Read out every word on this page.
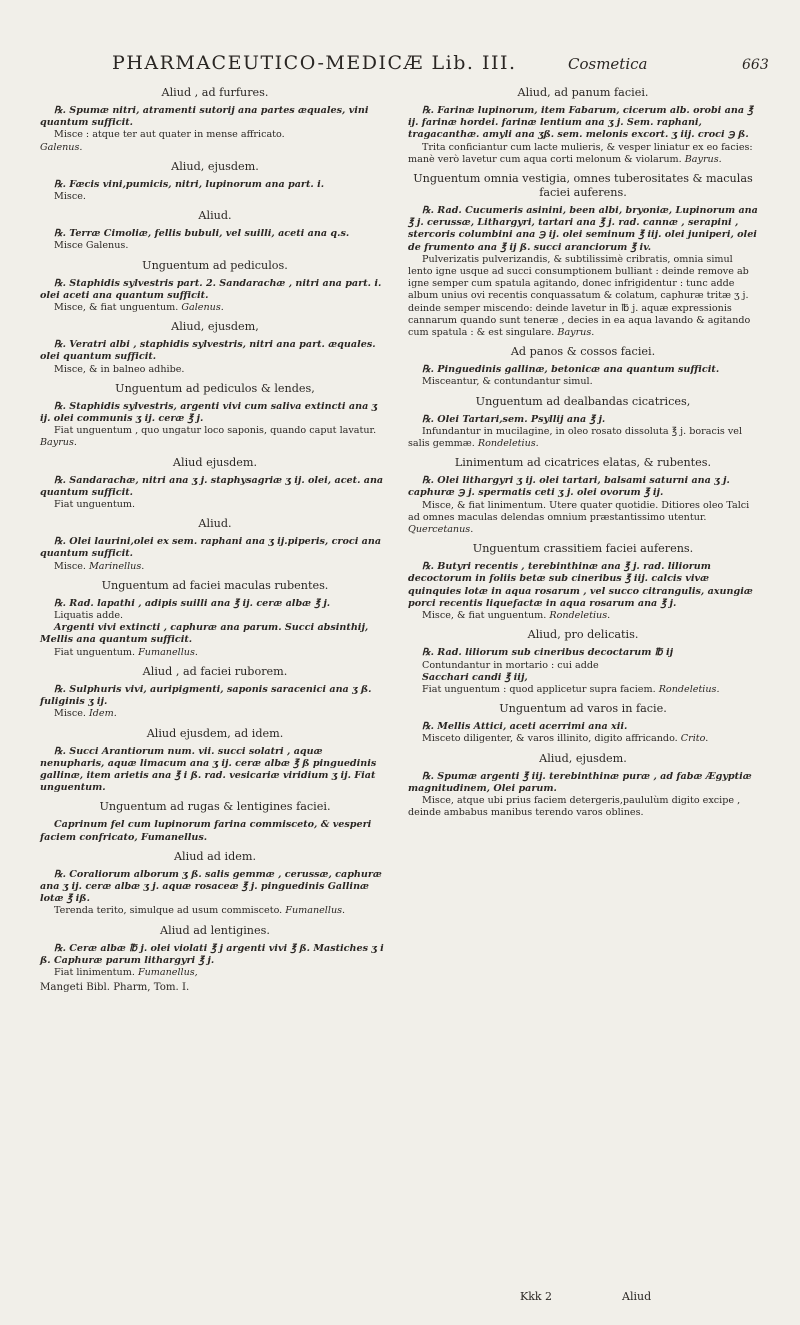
PHARMACEUTICO-MEDICÆ Lib. III.	Cosmetica	663
Aliud , ad furfures.

℞. Spumæ nitri, atramenti sutorij ana partes æquales, vini quantum sufficit.

Misce : atque ter aut quater in mense affricato.

Galenus.

Aliud, ejusdem.

℞. Fæcis vini,pumicis, nitri, lupinorum ana part. i.

Misce.

Aliud.

℞. Terræ Cimoliæ, fellis bubuli, vel suilli, aceti ana q.s.

Misce Galenus.

Unguentum ad pediculos.

℞. Staphidis sylvestris part. 2. Sandarachæ , nitri ana part. i. olei aceti ana quantum sufficit.

Misce, & fiat unguentum. Galenus.

Aliud, ejusdem,

℞. Veratri albi , staphidis sylvestris, nitri ana part. æquales. olei quantum sufficit.

Misce, & in balneo adhibe.

Unguentum ad pediculos & lendes,

℞. Staphidis sylvestris, argenti vivi cum saliva extincti ana ʒ ij. olei communis ʒ ij. ceræ ℥ j.

Fiat unguentum , quo ungatur loco saponis, quando caput lavatur. Bayrus.

Aliud ejusdem.

℞. Sandarachæ, nitri ana ʒ j. staphysagriæ ʒ ij. olei, acet. ana quantum sufficit.

Fiat unguentum.

Aliud.

℞. Olei laurini,olei ex sem. raphani ana ʒ ij.piperis, croci ana quantum sufficit.

Misce. Marinellus.

Unguentum ad faciei maculas rubentes.

℞. Rad. lapathi , adipis suilli ana ℥ ij. ceræ albæ ℥ j.

Liquatis adde.

Argenti vivi extincti , caphuræ ana parum. Succi absinthij, Mellis ana quantum sufficit.

Fiat unguentum. Fumanellus.

Aliud , ad faciei ruborem.

℞. Sulphuris vivi, auripigmenti, saponis saracenici ana ʒ ß. fuliginis ʒ ij.

Misce. Idem.

Aliud ejusdem, ad idem.

℞. Succi Arantiorum num. vii. succi solatri , aquæ nenupharis, aquæ limacum ana ʒ ij. ceræ albæ ℥ ß pinguedinis gallinæ, item arietis ana ℥ i ß. rad. vesicariæ viridium ʒ ij. Fiat unguentum.

Unguentum ad rugas & lentigines faciei.

Caprinum fel cum lupinorum farina commisceto, & vesperi faciem confricato, Fumanellus.

Aliud ad idem.

℞. Coraliorum alborum ʒ ß. salis gemmæ , cerussæ, caphuræ ana ʒ ij. ceræ albæ ʒ j. aquæ rosaceæ ℥ j. pinguedinis Gallinæ lotæ ℥ iß.

Terenda terito, simulque ad usum commisceto. Fumanellus.

Aliud ad lentigines.

℞. Ceræ albæ ℔ j. olei violati ℥ j argenti vivi ℥ ß. Mastiches ʒ i ß. Caphuræ parum lithargyri ℥ j.

Fiat linimentum. Fumanellus,

Mangeti Bibl. Pharm, Tom. I.

Aliud, ad panum faciei.

℞. Farinæ lupinorum, item Fabarum, cicerum alb. orobi ana ℥ ij. farinæ hordei. farinæ lentium ana ʒ j. Sem. raphani, tragacanthæ. amyli ana ʒß. sem. melonis excort. ʒ iij. croci ℈ ß.

Trita conficiantur cum lacte mulieris, & vesper liniatur ex eo facies: manè verò lavetur cum aqua corti melonum & violarum. Bayrus.

Unguentum omnia vestigia, omnes tuberositates & maculas faciei auferens.

℞. Rad. Cucumeris asinini, been albi, bryoniæ, Lupinorum ana ℥ j. cerussæ, Lithargyri, tartari ana ℥ j. rad. cannæ , serapini , stercoris columbini ana ℈ ij. olei seminum ℥ iij. olei juniperi, olei de frumento ana ℥ ij ß. succi aranciorum ℥ iv.

Pulverizatis pulverizandis, & subtilissimè cribratis, omnia simul lento igne usque ad succi consumptionem bulliant : deinde remove ab igne semper cum spatula agitando, donec infrigidentur : tunc adde album unius ovi recentis conquassatum & colatum, caphuræ tritæ ʒ j. deinde semper miscendo: deinde lavetur in ℔ j. aquæ expressionis cannarum quando sunt teneræ , decies in ea aqua lavando & agitando cum spatula : & est singulare. Bayrus.

Ad panos & cossos faciei.

℞. Pinguedinis gallinæ, betonicæ ana quantum sufficit.

Misceantur, & contundantur simul.

Unguentum ad dealbandas cicatrices,

℞. Olei Tartari,sem. Psyllij ana ℥ j.

Infundantur in mucilagine, in oleo rosato dissoluta ℥ j. boracis vel salis gemmæ. Rondeletius.

Linimentum ad cicatrices elatas, & rubentes.

℞. Olei lithargyri ʒ ij. olei tartari, balsami saturni ana ʒ j. caphuræ ℈ j. spermatis ceti ʒ j. olei ovorum ℥ ij.

Misce, & fiat linimentum. Utere quater quotidie. Ditiores oleo Talci ad omnes maculas delendas omnium præstantissimo utentur. Quercetanus.

Unguentum crassitiem faciei auferens.

℞. Butyri recentis , terebinthinæ ana ℥ j. rad. liliorum decoctorum in foliis betæ sub cineribus ℥ iij. calcis vivæ quinquies lotæ in aqua rosarum , vel succo citrangulis, axungiæ porci recentis liquefactæ in aqua rosarum ana ℥ j.

Misce, & fiat unguentum. Rondeletius.

Aliud, pro delicatis.

℞. Rad. liliorum sub cineribus decoctarum ℔ ij

Contundantur in mortario : cui adde

Sacchari candi ℥ iij,

Fiat unguentum : quod applicetur supra faciem. Rondeletius.

Unguentum ad varos in facie.

℞. Mellis Attici, aceti acerrimi ana xii.

Misceto diligenter, & varos illinito, digito affricando. Crito.

Aliud, ejusdem.

℞. Spumæ argenti ℥ iij. terebinthinæ puræ , ad fabæ Ægyptiæ magnitudinem, Olei parum.

Misce, atque ubi prius faciem detergeris,paululùm digito excipe , deinde ambabus manibus terendo varos oblines.

Kkk 2	Aliud
